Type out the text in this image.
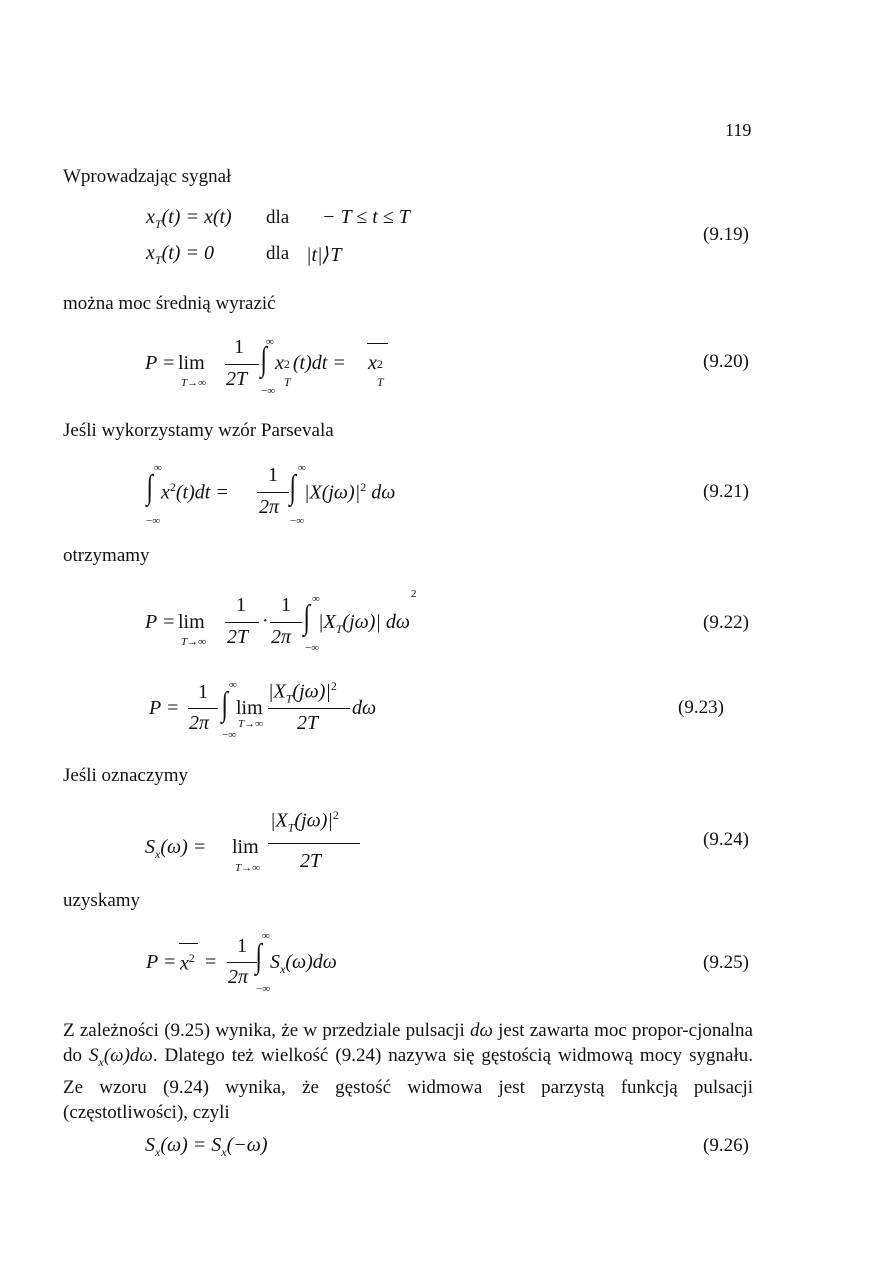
119
Wprowadzając sygnał
$x_T(t) = x(t)$ dla − T ≤ t ≤ T
$x_T(t) = 0$	dla |t|⟩T
(9.19)
można moc średnią wyrazić
P = lim
T→∞
1
2T
∞
∫
−∞
x 2
T
(t)dt = x 2
T
(9.20)
Jeśli wykorzystamy wzór Parsevala
∞
∫
−∞
$x^2(t)dt$ =
1
2π
∞
∫
−∞
$|X(j\omega)|^2$ dω	(9.21)
otrzymamy
P = lim
T→∞
1
2T
·
1
2π
∞
∫
−∞
$|X_T(j\omega)|$ dω
2
(9.22)
P =
1
2π
∞
∫
−∞
lim
T→∞
$|X_T(j\omega)|^2$
2T
dω	(9.23)
Jeśli oznaczymy
$S_x(\omega) = \lim$
T→∞
$|X_T(j\omega)|^2$
2T
(9.24)
uzyskamy
$P = x^2$ =
1
2π
∞
∫
−∞
$S_x(\omega)d\omega$	(9.25)
Z zależności (9.25) wynika, że w przedziale pulsacji dω jest zawarta moc propor-cjonalna do $S_x(\omega)d\omega$. Dlatego też wielkość (9.24) nazywa się gęstością widmową mocy sygnału. Ze wzoru (9.24) wynika, że gęstość widmowa jest parzystą funkcją pulsacji (częstotliwości), czyli
$S_x(\omega) = S_x(-\omega)$	(9.26)
